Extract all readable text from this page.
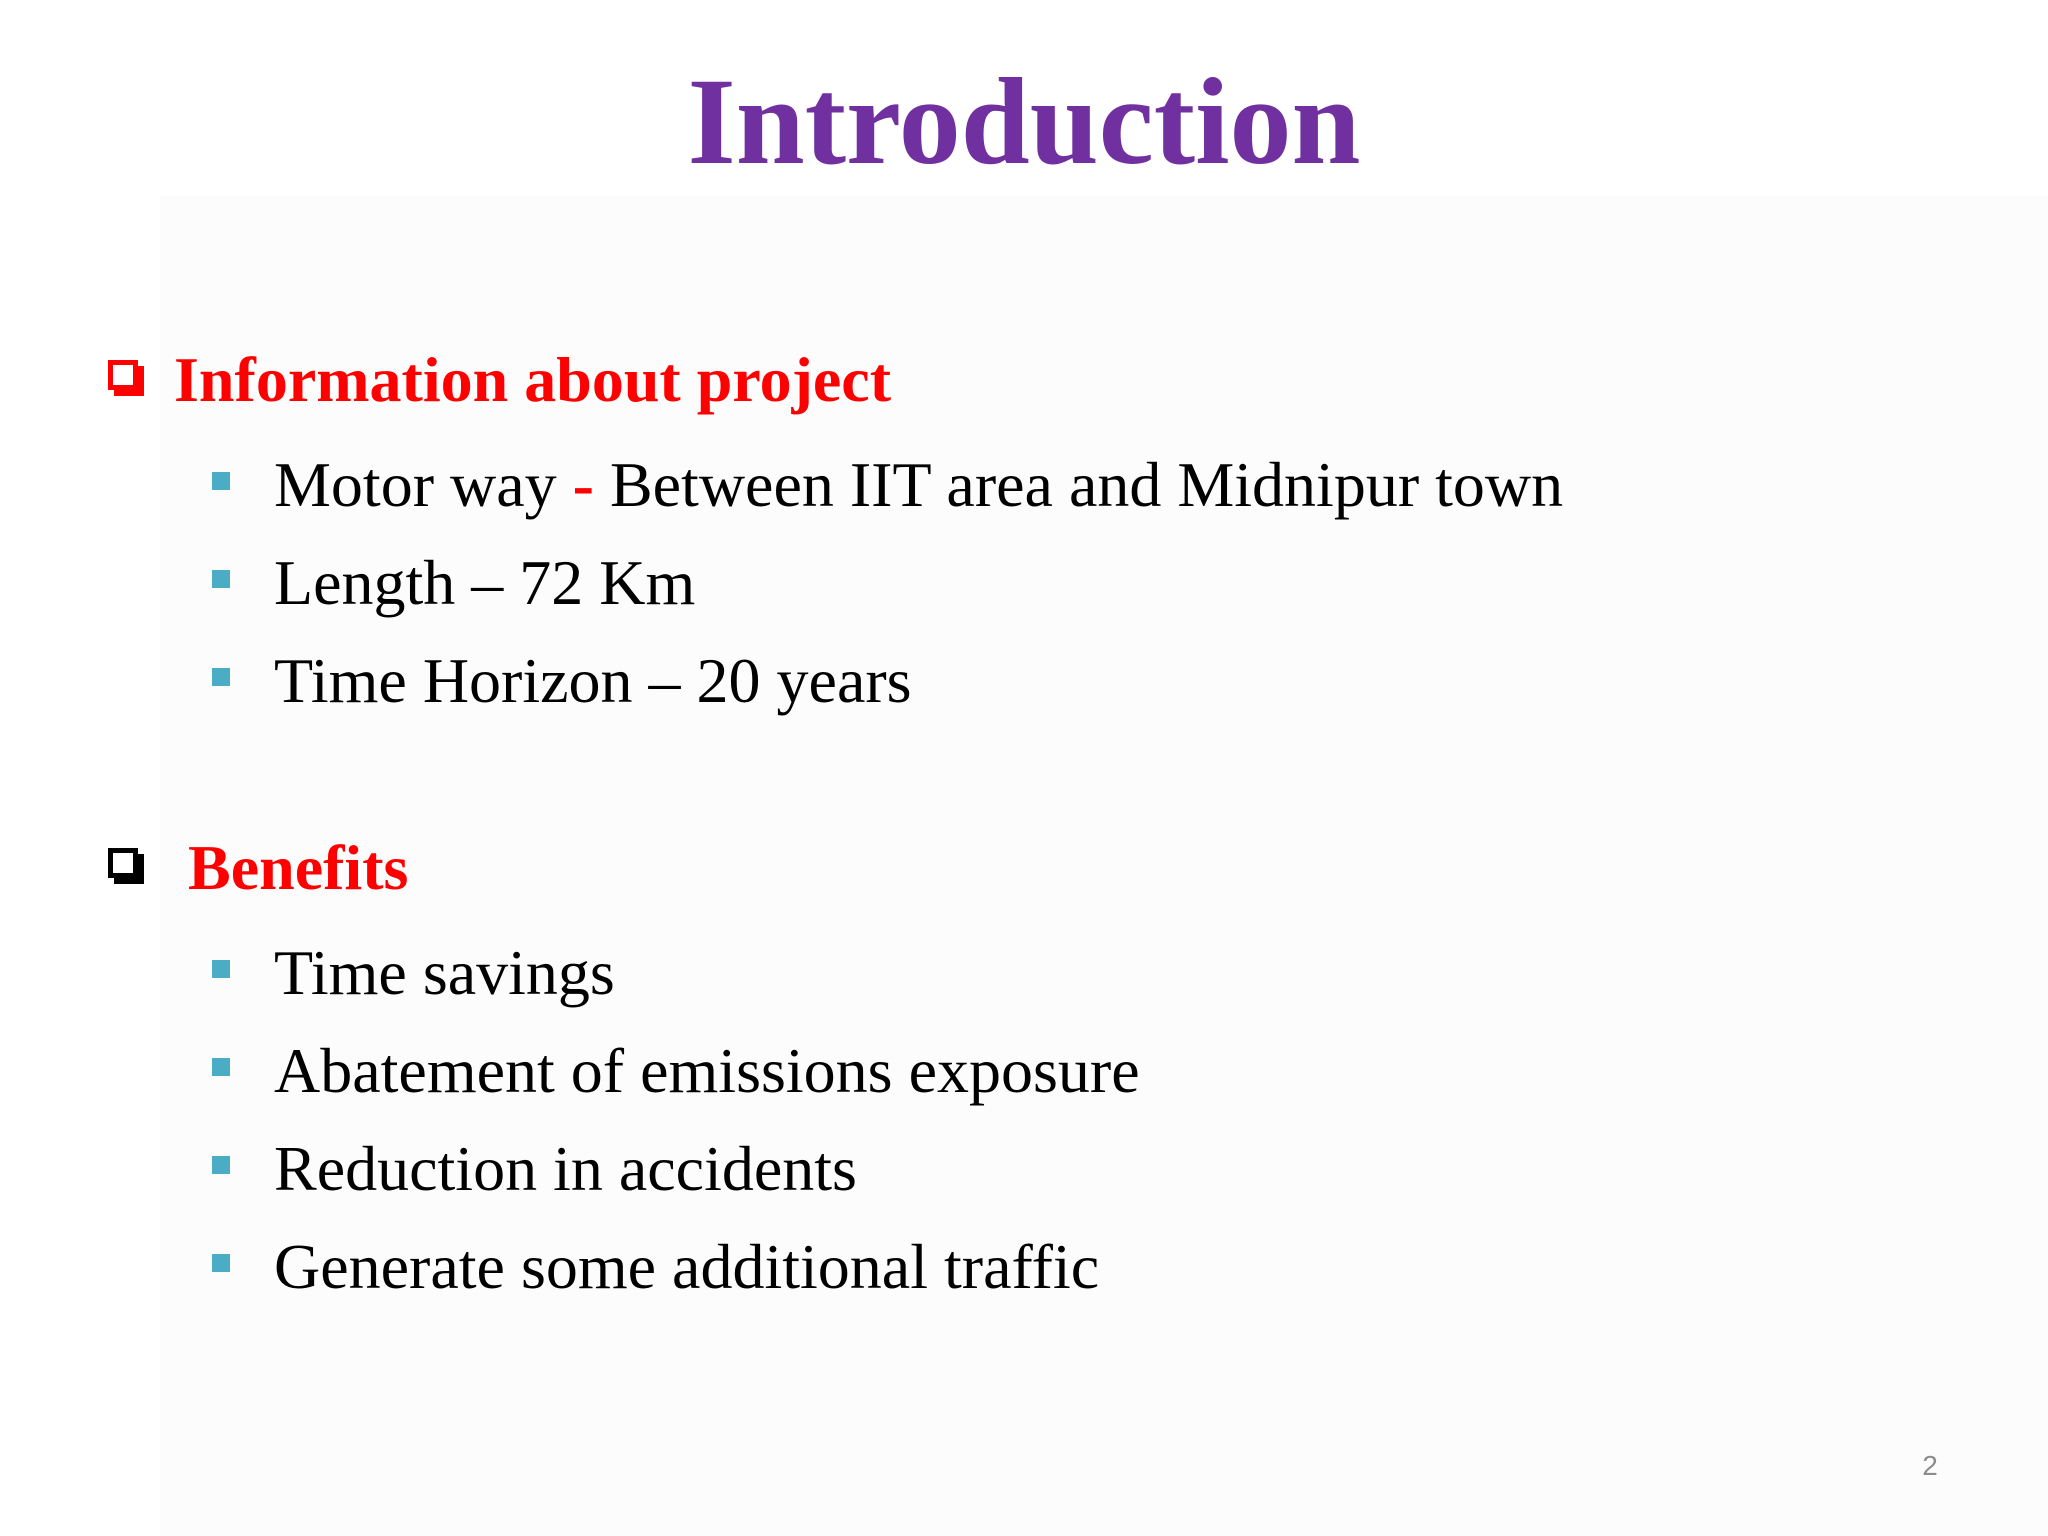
Introduction
Information about project
Motor way - Between IIT area and Midnipur town
Length – 72 Km
Time Horizon – 20 years
Benefits
Time savings
Abatement of emissions exposure
Reduction in accidents
Generate some additional traffic
2
